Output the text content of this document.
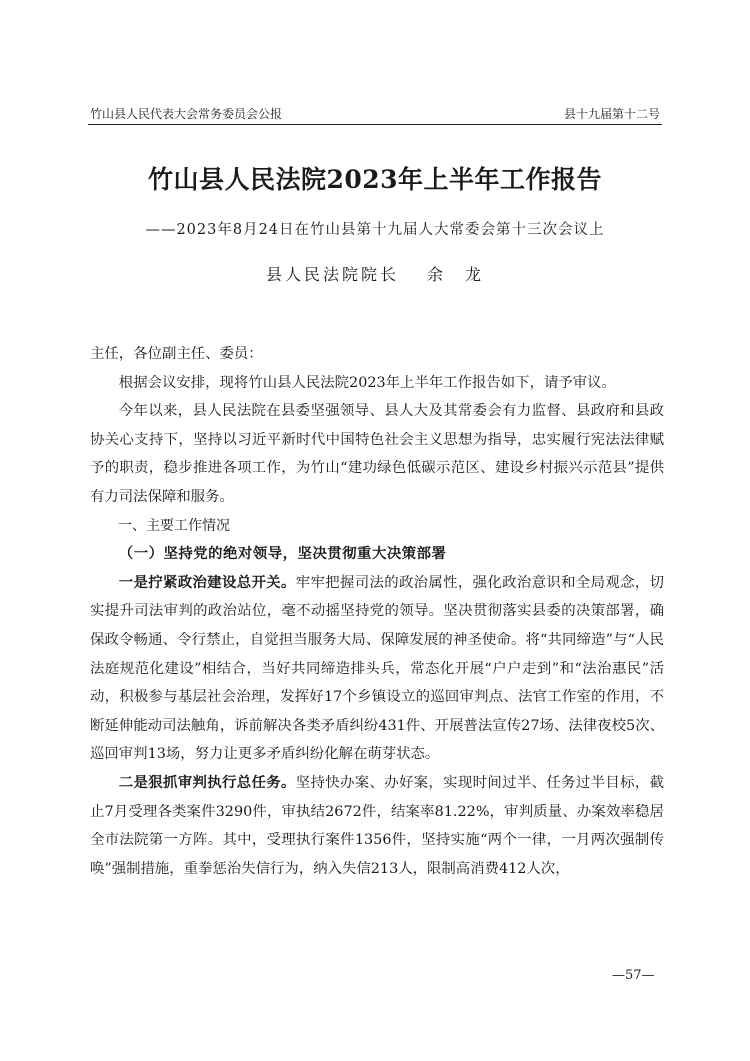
竹山县人民代表大会常务委员会公报	县十九届第十二号
竹山县人民法院2023年上半年工作报告
——2023年8月24日在竹山县第十九届人大常委会第十三次会议上
县人民法院院长 余　龙

主任，各位副主任、委员：

根据会议安排，现将竹山县人民法院2023年上半年工作报告如下，请予审议。

今年以来，县人民法院在县委坚强领导、县人大及其常委会有力监督、县政府和县政协关心支持下，坚持以习近平新时代中国特色社会主义思想为指导，忠实履行宪法法律赋予的职责，稳步推进各项工作，为竹山“建功绿色低碳示范区、建设乡村振兴示范县”提供有力司法保障和服务。

一、主要工作情况

（一）坚持党的绝对领导，坚决贯彻重大决策部署

一是拧紧政治建设总开关。牢牢把握司法的政治属性，强化政治意识和全局观念，切实提升司法审判的政治站位，毫不动摇坚持党的领导。坚决贯彻落实县委的决策部署，确保政令畅通、令行禁止，自觉担当服务大局、保障发展的神圣使命。将“共同缔造”与“人民法庭规范化建设”相结合，当好共同缔造排头兵，常态化开展“户户走到”和“法治惠民”活动，积极参与基层社会治理，发挥好17个乡镇设立的巡回审判点、法官工作室的作用，不断延伸能动司法触角，诉前解决各类矛盾纠纷431件、开展普法宣传27场、法律夜校5次、巡回审判13场，努力让更多矛盾纠纷化解在萌芽状态。

二是狠抓审判执行总任务。坚持快办案、办好案，实现时间过半、任务过半目标，截止7月受理各类案件3290件，审执结2672件，结案率81.22%，审判质量、办案效率稳居全市法院第一方阵。其中，受理执行案件1356件，坚持实施“两个一律，一月两次强制传唤”强制措施，重拳惩治失信行为，纳入失信213人，限制高消费412人次，

—57—
